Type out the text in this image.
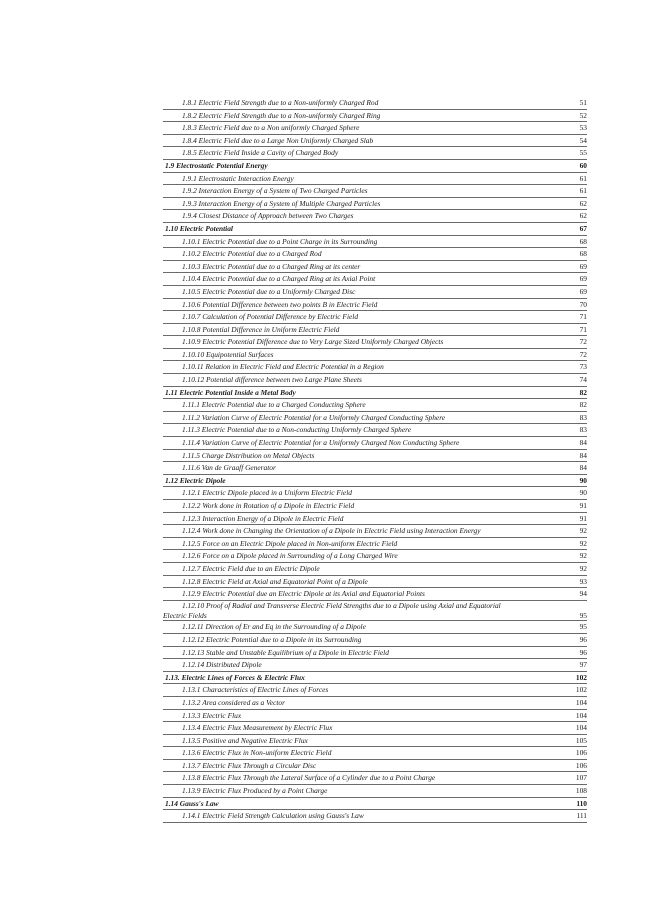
1.8.1 Electric Field Strength due to a Non-uniformly Charged Rod	51
1.8.2 Electric Field Strength due to a Non-uniformly Charged Ring	52
1.8.3 Electric Field due to a Non uniformly Charged Sphere	53
1.8.4 Electric Field due to a Large Non Uniformly Charged Slab	54
1.8.5 Electric Field Inside a Cavity of Charged Body	55
1.9 Electrostatic Potential Energy	60
1.9.1 Electrostatic Interaction Energy	61
1.9.2 Interaction Energy of a System of Two Charged Particles	61
1.9.3 Interaction Energy of a System of Multiple Charged Particles	62
1.9.4 Closest Distance of Approach between Two Charges	62
1.10 Electric Potential	67
1.10.1 Electric Potential due to a Point Charge in its Surrounding	68
1.10.2 Electric Potential due to a Charged Rod	68
1.10.3 Electric Potential due to a Charged Ring at its center	69
1.10.4 Electric Potential due to a Charged Ring at its Axial Point	69
1.10.5 Electric Potential due to a Uniformly Charged Disc	69
1.10.6 Potential Difference between two points B in Electric Field	70
1.10.7 Calculation of Potential Difference by Electric Field	71
1.10.8 Potential Difference in Uniform Electric Field	71
1.10.9 Electric Potential Difference due to Very Large Sized Uniformly Charged Objects	72
1.10.10 Equipotential Surfaces	72
1.10.11 Relation in Electric Field and Electric Potential in a Region	73
1.10.12 Potential difference between two Large Plane Sheets	74
1.11 Electric Potential Inside a Metal Body	82
1.11.1 Electric Potential due to a Charged Conducting Sphere	82
1.11.2 Variation Curve of Electric Potential for a Uniformly Charged Conducting Sphere	83
1.11.3 Electric Potential due to a Non-conducting Uniformly Charged Sphere	83
1.11.4 Variation Curve of Electric Potential for a Uniformly Charged Non Conducting Sphere	84
1.11.5 Charge Distribution on Metal Objects	84
1.11.6 Van de Graaff Generator	84
1.12 Electric Dipole	90
1.12.1 Electric Dipole placed in a Uniform Electric Field	90
1.12.2 Work done in Rotation of a Dipole in Electric Field	91
1.12.3 Interaction Energy of a Dipole in Electric Field	91
1.12.4 Work done in Changing the Orientation of a Dipole in Electric Field using Interaction Energy	92
1.12.5 Force on an Electric Dipole placed in Non-uniform Electric Field	92
1.12.6 Force on a Dipole placed in Surrounding of a Long Charged Wire	92
1.12.7 Electric Field due to an Electric Dipole	92
1.12.8 Electric Field at Axial and Equatorial Point of a Dipole	93
1.12.9 Electric Potential due an Electric Dipole at its Axial and Equatorial Points	94
1.12.10 Proof of Radial and Transverse Electric Field Strengths due to a Dipole using Axial and Equatorial
Electric Fields	95
1.12.11 Direction of Er and Eq in the Surrounding of a Dipole	95
1.12.12 Electric Potential due to a Dipole in its Surrounding	96
1.12.13 Stable and Unstable Equilibrium of a Dipole in Electric Field	96
1.12.14 Distributed Dipole	97
1.13. Electric Lines of Forces & Electric Flux	102
1.13.1 Characteristics of Electric Lines of Forces	102
1.13.2 Area considered as a Vector	104
1.13.3 Electric Flux	104
1.13.4 Electric Flux Measurement by Electric Flux	104
1.13.5 Positive and Negative Electric Flux	105
1.13.6 Electric Flux in Non-uniform Electric Field	106
1.13.7 Electric Flux Through a Circular Disc	106
1.13.8 Electric Flux Through the Lateral Surface of a Cylinder due to a Point Charge	107
1.13.9 Electric Flux Produced by a Point Charge	108
1.14 Gauss's Law	110
1.14.1 Electric Field Strength Calculation using Gauss's Law	111
